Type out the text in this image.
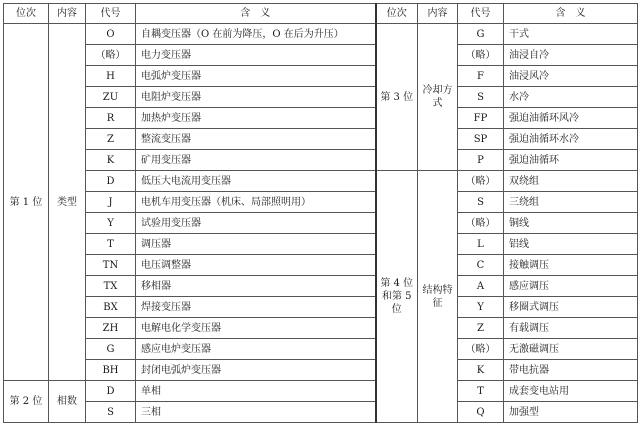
位次	内容	代号	含　义	位次	内容	代号	含　义
第 1 位	类型	O	自耦变压器（O 在前为降压，O 在后为升压）	第 3 位	冷却方式	G	干式
		（略）	电力变压器			（略）	油浸自冷
		H	电弧炉变压器			F	油浸风冷
		ZU	电阻炉变压器			S	水冷
		R	加热炉变压器			FP	强迫油循环风冷
		Z	整流变压器			SP	强迫油循环水冷
		K	矿用变压器			P	强迫油循环
		D	低压大电流用变压器	第 4 位和第 5 位	结构特征	（略）	双绕组
		J	电机车用变压器（机床、局部照明用）			S	三绕组
		Y	试验用变压器			（略）	铜线
		T	调压器			L	铝线
		TN	电压调整器			C	接触调压
		TX	移相器			A	感应调压
		BX	焊接变压器			Y	移圈式调压
		ZH	电解电化学变压器			Z	有载调压
		G	感应电炉变压器			（略）	无激磁调压
		BH	封闭电弧炉变压器			K	带电抗器
第 2 位	相数	D	单相			T	成套变电站用
		S	三相			Q	加强型
